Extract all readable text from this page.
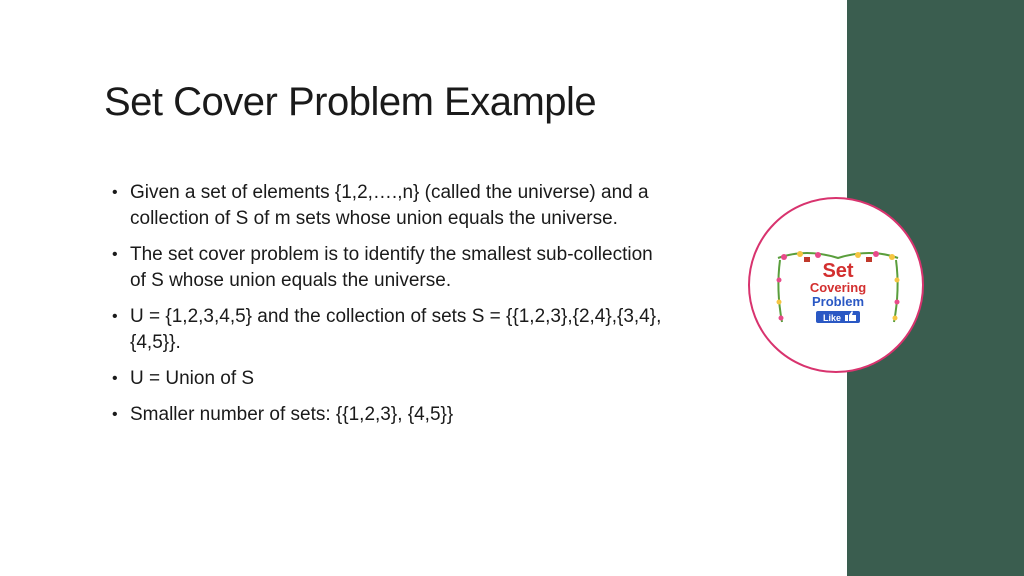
Set Cover Problem Example
• Given a set of elements {1,2,….,n} (called the universe) and a collection of S of m sets whose union equals the universe.
• The set cover problem is to identify the smallest sub-collection of S whose union equals the universe.
• U = {1,2,3,4,5} and the collection of sets S = {{1,2,3},{2,4},{3,4},{4,5}}.
• U = Union of S
• Smaller number of sets: {{1,2,3}, {4,5}}
Set
Covering
Problem
Like
